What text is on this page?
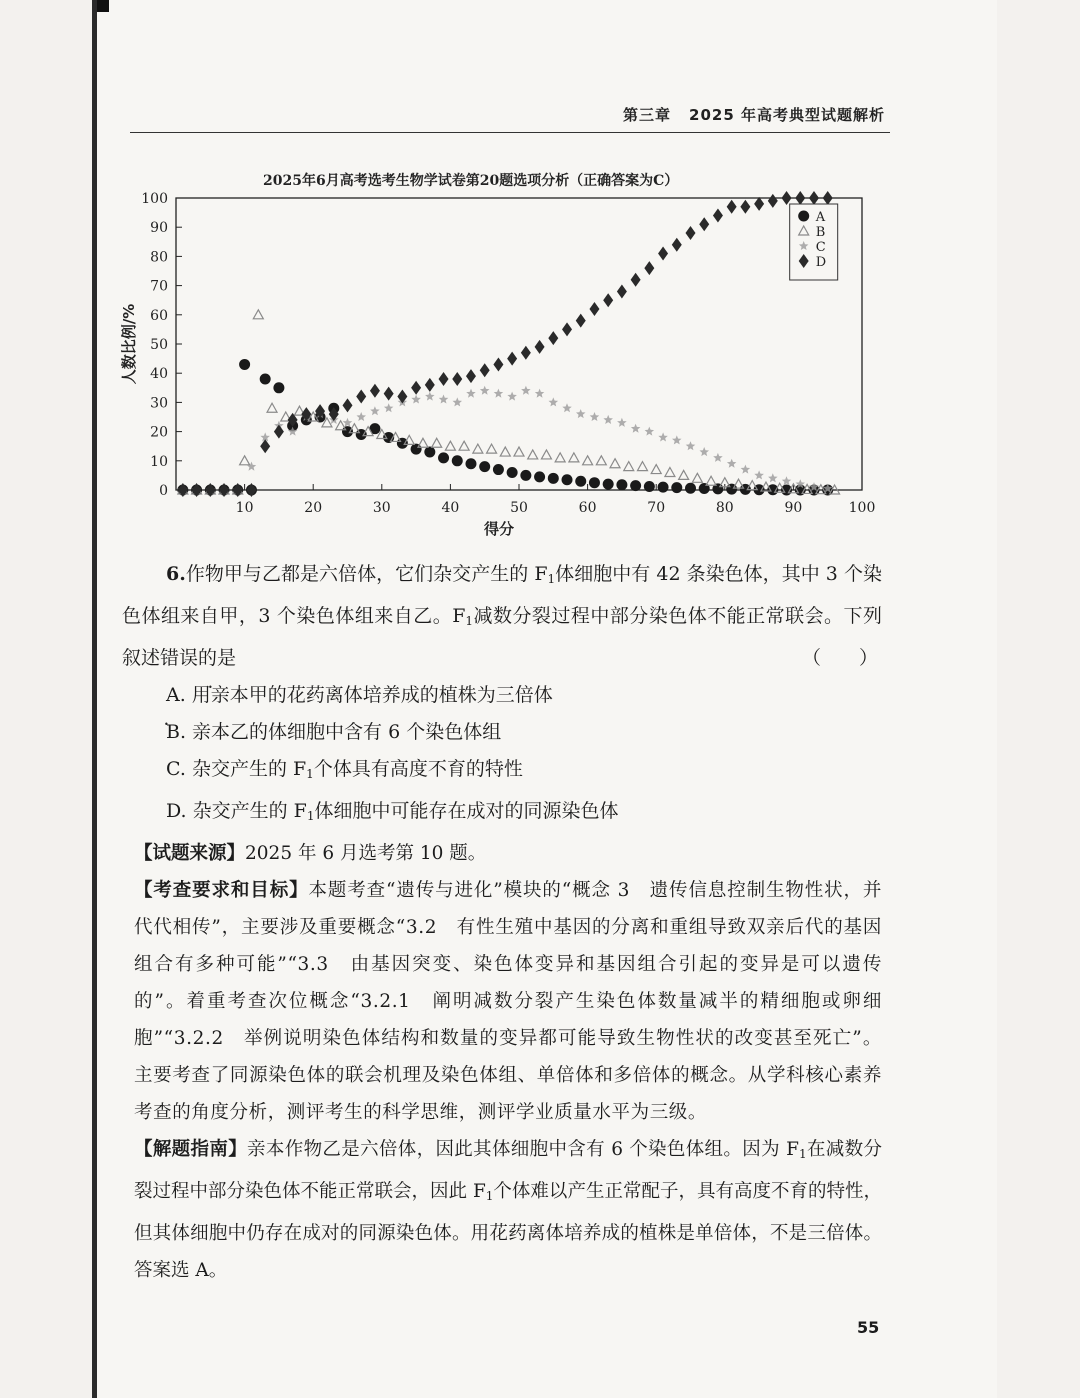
第三章 2025 年高考典型试题解析
2025年6月高考选考生物学试卷第20题选项分析（正确答案为C）
0
10
20
30
40
50
60
70
80
90
100
10	20	30	40	50	60	70	80	90	100
得分
人数比例/%
A
B
C
D

6.作物甲与乙都是六倍体，它们杂交产生的 $F_1$体细胞中有 42 条染色体，其中 3 个染色体组来自甲，3 个染色体组来自乙。$F_1$减数分裂过程中部分染色体不能正常联会。下列叙述错误 • •的是	（　　）

A. 用亲本甲的花药离体培养成的植株为三倍体

B. 亲本乙的体细胞中含有 6 个染色体组

C. 杂交产生的 $F_1$个体具有高度不育的特性

D. 杂交产生的 $F_1$体细胞中可能存在成对的同源染色体

【试题来源】2025 年 6 月选考第 10 题。

【考查要求和目标】本题考查“遗传与进化”模块的“概念 3　遗传信息控制生物性状，并代代相传”，主要涉及重要概念“3.2　有性生殖中基因的分离和重组导致双亲后代的基因组合有多种可能”“3.3　由基因突变、染色体变异和基因组合引起的变异是可以遗传的”。着重考查次位概念“3.2.1　阐明减数分裂产生染色体数量减半的精细胞或卵细胞”“3.2.2　举例说明染色体结构和数量的变异都可能导致生物性状的改变甚至死亡”。主要考查了同源染色体的联会机理及染色体组、单倍体和多倍体的概念。从学科核心素养考查的角度分析，测评考生的科学思维，测评学业质量水平为三级。

【解题指南】亲本作物乙是六倍体，因此其体细胞中含有 6 个染色体组。因为 $F_1$在减数分裂过程中部分染色体不能正常联会，因此 $F_1$个体难以产生正常配子，具有高度不育的特性，但其体细胞中仍存在成对的同源染色体。用花药离体培养成的植株是单倍体，不是三倍体。答案选 A。

55
